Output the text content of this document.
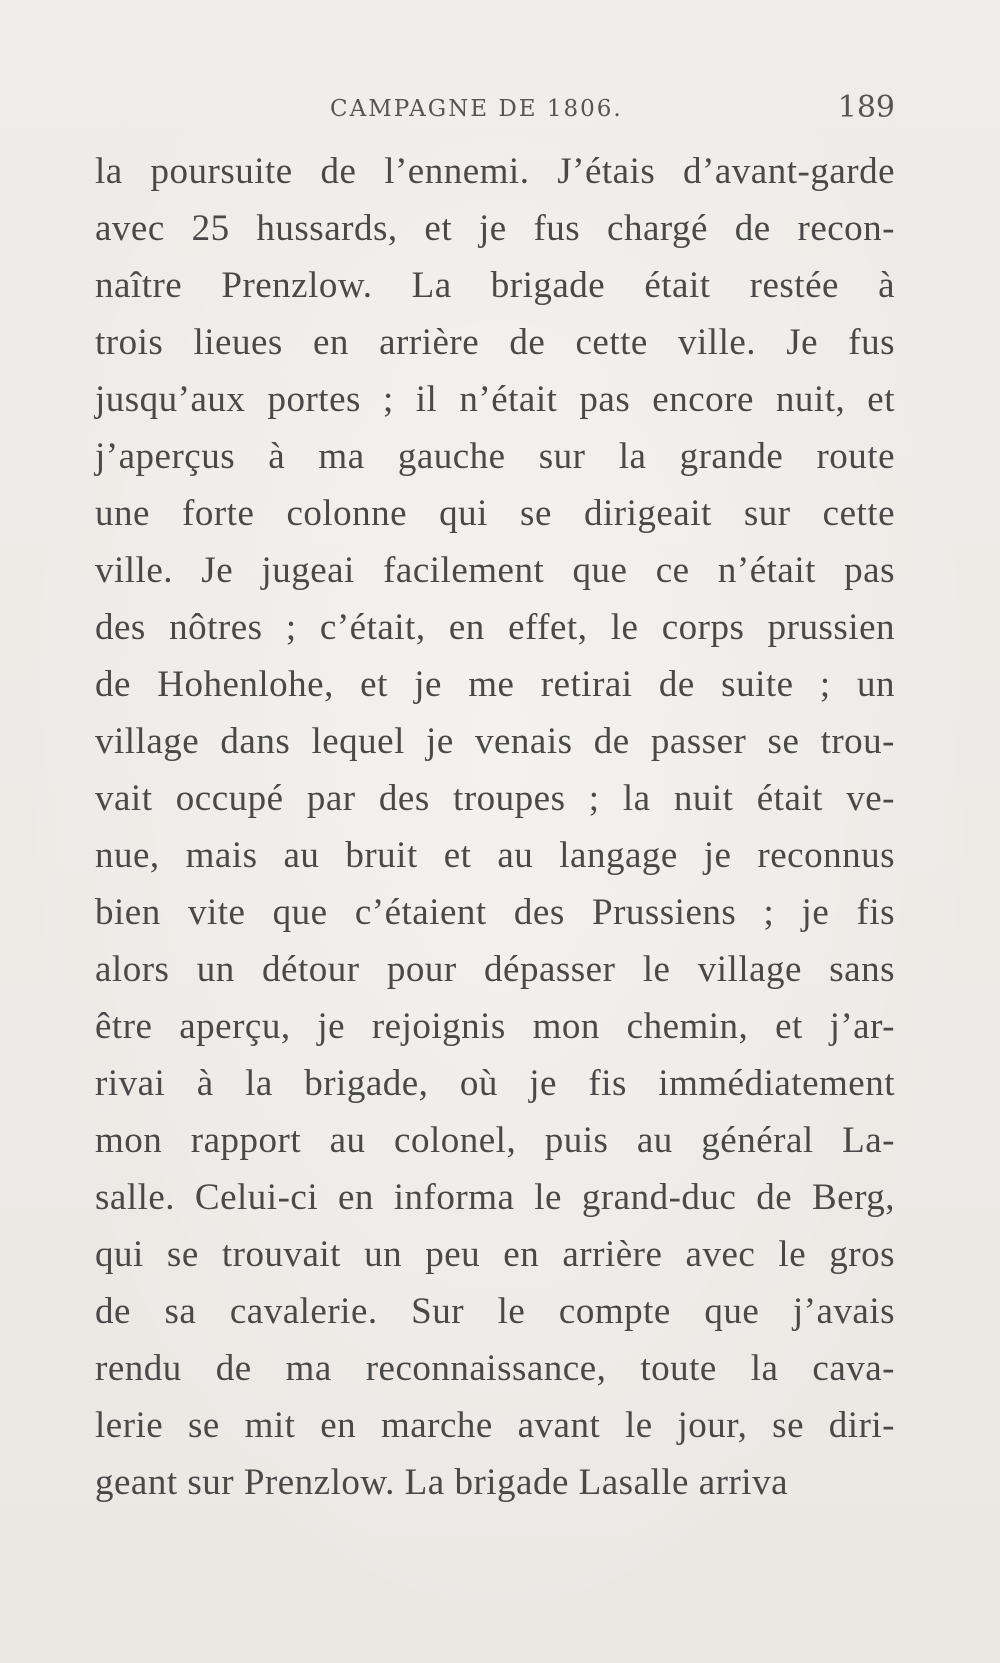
CAMPAGNE DE 1806.	189
la poursuite de l’ennemi. J’étais d’avant-garde
avec 25 hussards, et je fus chargé de recon-
naître Prenzlow. La brigade était restée à
trois lieues en arrière de cette ville. Je fus
jusqu’aux portes ; il n’était pas encore nuit, et
j’aperçus à ma gauche sur la grande route
une forte colonne qui se dirigeait sur cette
ville. Je jugeai facilement que ce n’était pas
des nôtres ; c’était, en effet, le corps prussien
de Hohenlohe, et je me retirai de suite ; un
village dans lequel je venais de passer se trou-
vait occupé par des troupes ; la nuit était ve-
nue, mais au bruit et au langage je reconnus
bien vite que c’étaient des Prussiens ; je fis
alors un détour pour dépasser le village sans
être aperçu, je rejoignis mon chemin, et j’ar-
rivai à la brigade, où je fis immédiatement
mon rapport au colonel, puis au général La-
salle. Celui-ci en informa le grand-duc de Berg,
qui se trouvait un peu en arrière avec le gros
de sa cavalerie. Sur le compte que j’avais
rendu de ma reconnaissance, toute la cava-
lerie se mit en marche avant le jour, se diri-
geant sur Prenzlow. La brigade Lasalle arriva
